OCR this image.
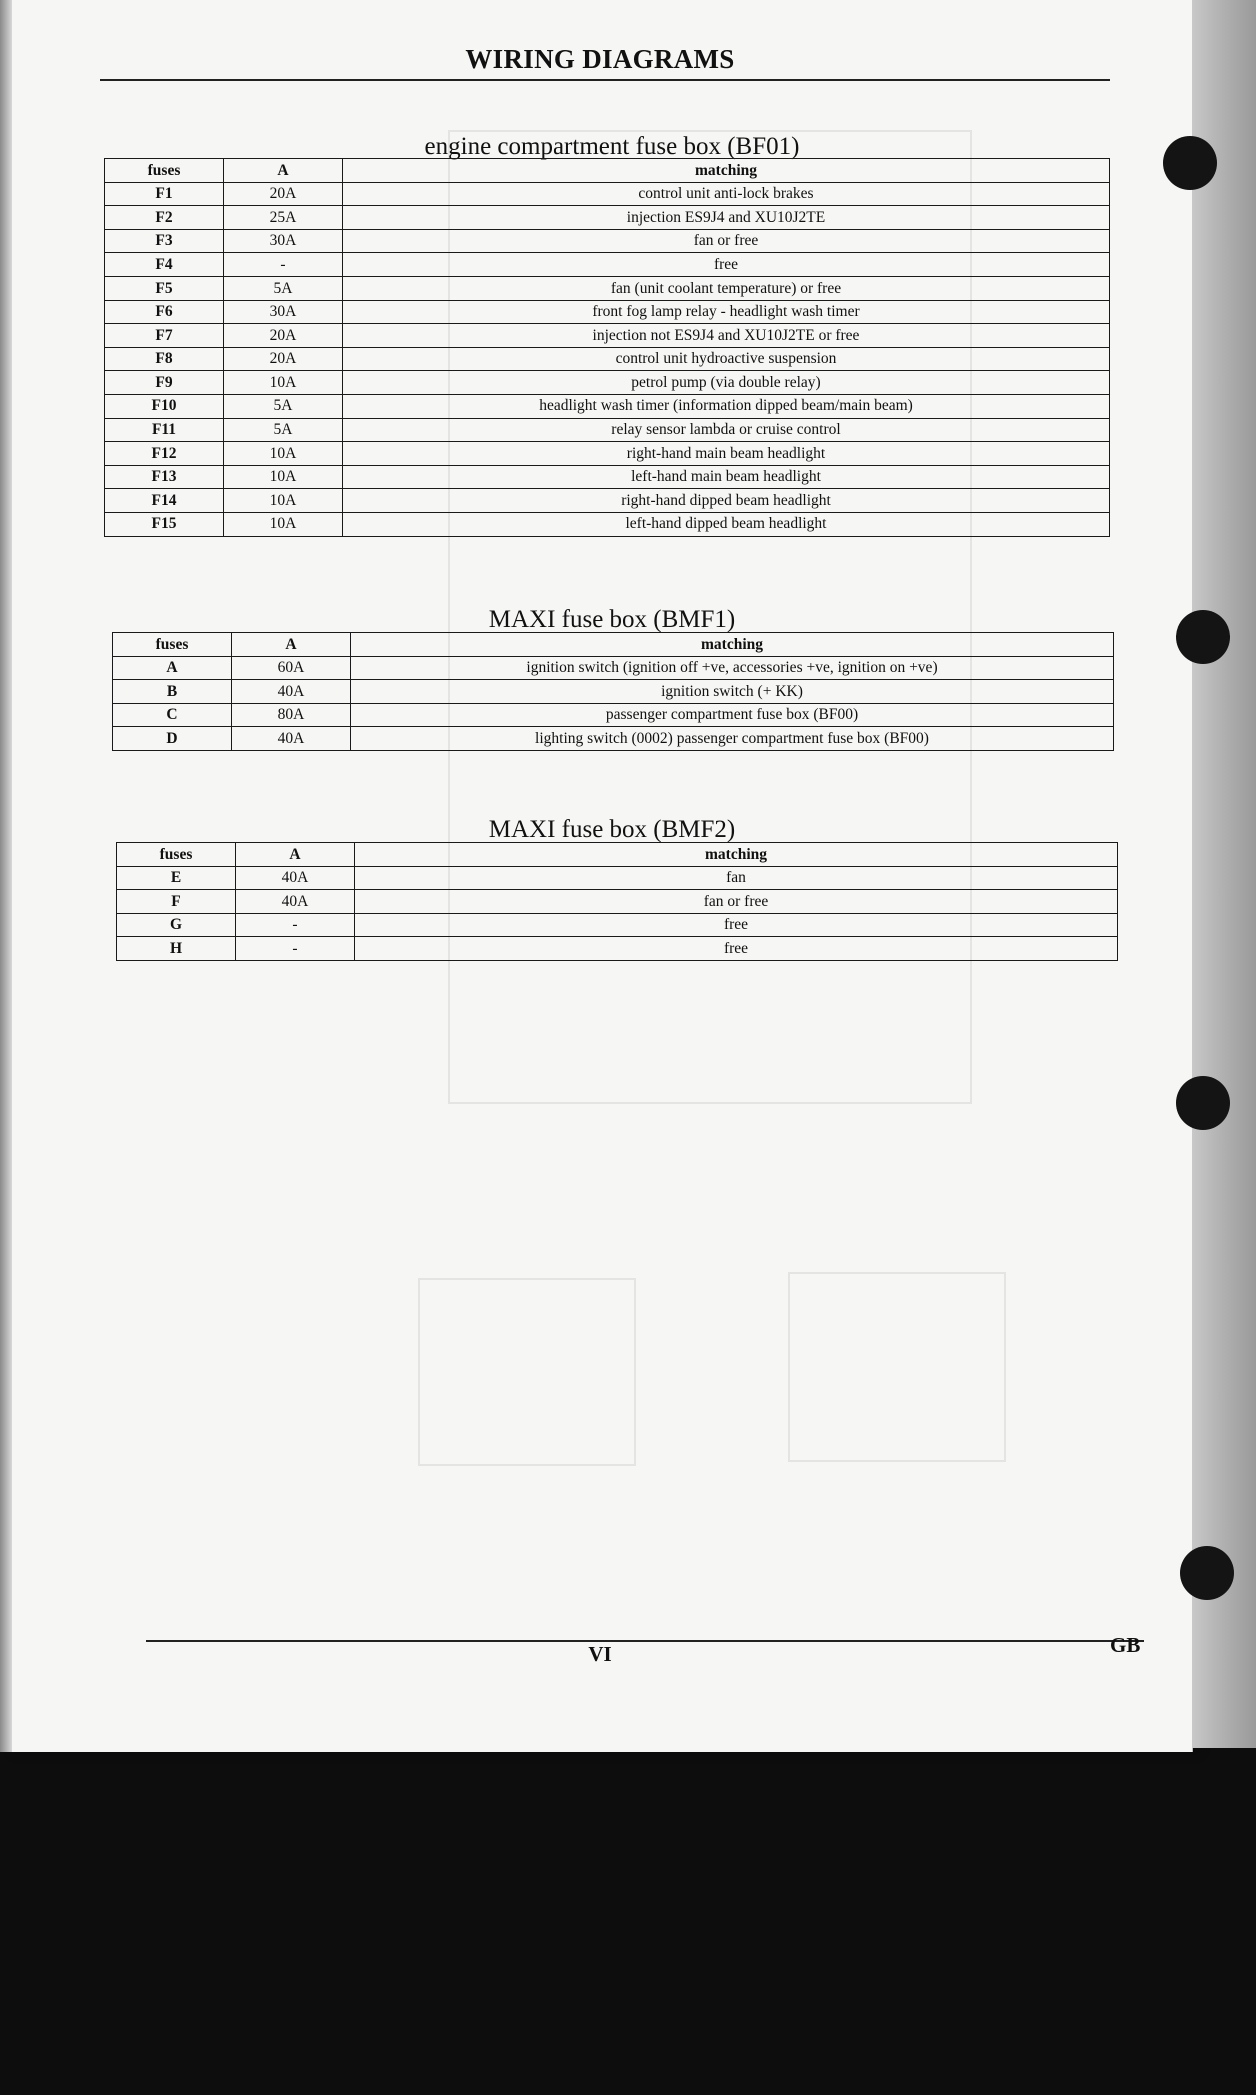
WIRING DIAGRAMS
engine compartment fuse box (BF01)
fuses	A	matching
F1	20A	control unit anti-lock brakes
F2	25A	injection ES9J4 and XU10J2TE
F3	30A	fan or free
F4	-	free
F5	5A	fan (unit coolant temperature) or free
F6	30A	front fog lamp relay - headlight wash timer
F7	20A	injection not ES9J4 and XU10J2TE or free
F8	20A	control unit hydroactive suspension
F9	10A	petrol pump (via double relay)
F10	5A	headlight wash timer (information dipped beam/main beam)
F11	5A	relay sensor lambda or cruise control
F12	10A	right-hand main beam headlight
F13	10A	left-hand main beam headlight
F14	10A	right-hand dipped beam headlight
F15	10A	left-hand dipped beam headlight
MAXI fuse box (BMF1)
fuses	A	matching
A	60A	ignition switch (ignition off +ve, accessories +ve, ignition on +ve)
B	40A	ignition switch (+ KK)
C	80A	passenger compartment fuse box (BF00)
D	40A	lighting switch (0002) passenger compartment fuse box (BF00)
MAXI fuse box (BMF2)
fuses	A	matching
E	40A	fan
F	40A	fan or free
G	-	free
H	-	free
VI	GB
